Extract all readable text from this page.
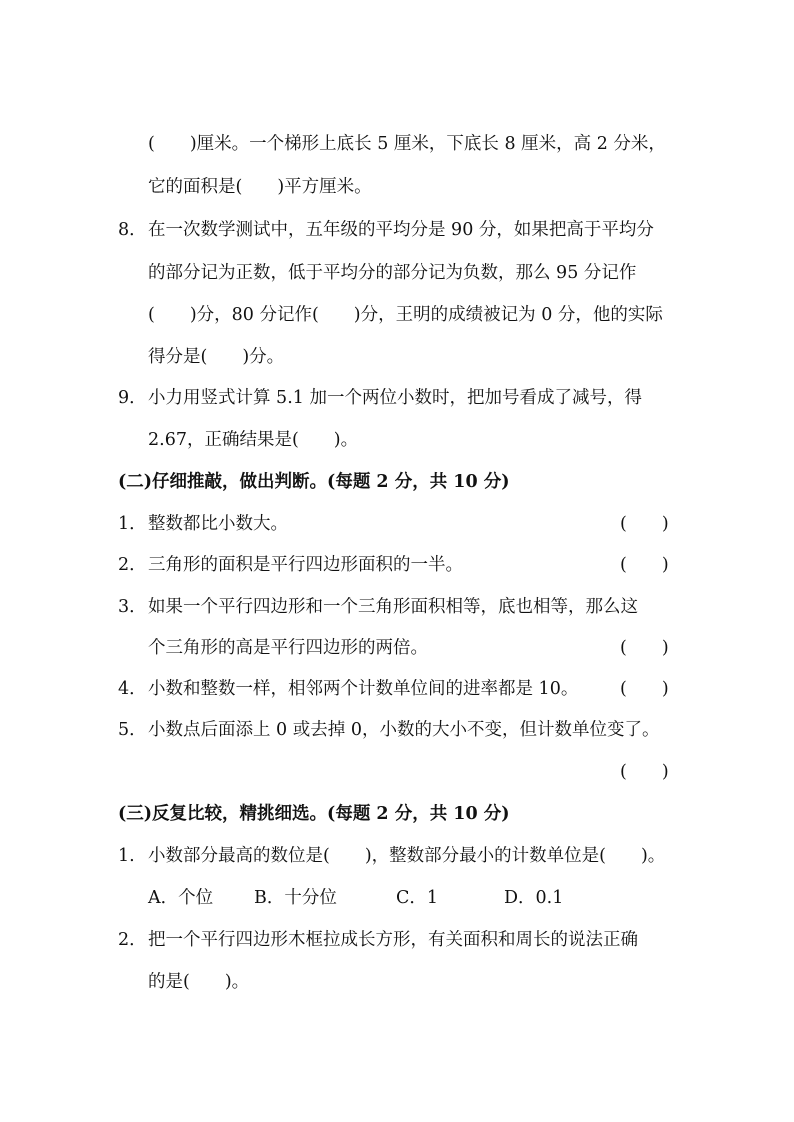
(　　)厘米。一个梯形上底长 5 厘米，下底长 8 厘米，高 2 分米，
它的面积是(　　)平方厘米。
8． 在一次数学测试中，五年级的平均分是 90 分，如果把高于平均分
的部分记为正数，低于平均分的部分记为负数，那么 95 分记作
(　　)分，80 分记作(　　)分，王明的成绩被记为 0 分，他的实际
得分是(　　)分。
9． 小力用竖式计算 5.1 加一个两位小数时，把加号看成了减号，得
2.67，正确结果是(　　)。
(二)仔细推敲，做出判断。(每题 2 分，共 10 分)
1． 整数都比小数大。	(　　)
2． 三角形的面积是平行四边形面积的一半。	(　　)
3． 如果一个平行四边形和一个三角形面积相等，底也相等，那么这
个三角形的高是平行四边形的两倍。	(　　)
4． 小数和整数一样，相邻两个计数单位间的进率都是 10。 (　　)
5． 小数点后面添上 0 或去掉 0，小数的大小不变，但计数单位变了。
(　　)
(三)反复比较，精挑细选。(每题 2 分，共 10 分)
1. 小数部分最高的数位是(　　)，整数部分最小的计数单位是(　　)。

A．个位

B．十分位

	C．1

	D．0.1

2． 把一个平行四边形木框拉成长方形，有关面积和周长的说法正确
的是(　　)。
